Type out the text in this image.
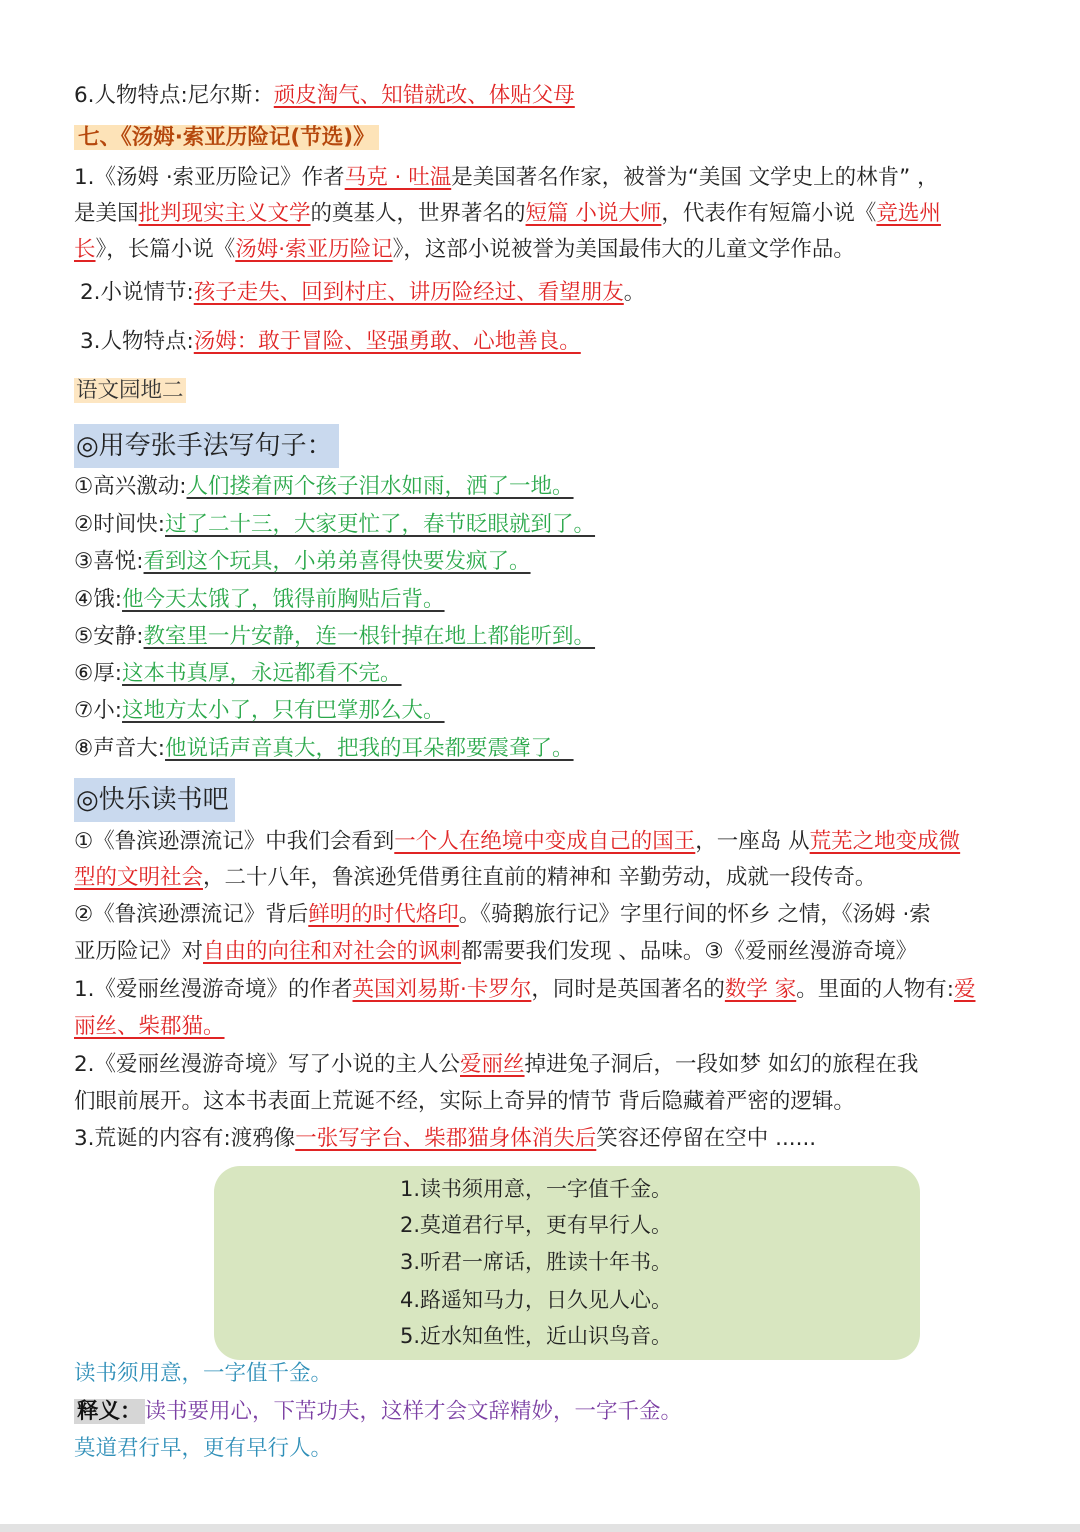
6.人物特点:尼尔斯：顽皮淘气、知错就改、体贴父母
七、《汤姆·索亚历险记(节选)》
1.《汤姆 ·索亚历险记》作者马克 · 吐温是美国著名作家，被誉为“美国 文学史上的林肯” ，
是美国批判现实主义文学的奠基人，世界著名的短篇 小说大师，代表作有短篇小说《竞选州
长》，长篇小说《汤姆·索亚历险记》，这部小说被誉为美国最伟大的儿童文学作品。
2.小说情节:孩子走失、回到村庄、讲历险经过、看望朋友。
3.人物特点:汤姆：敢于冒险、坚强勇敢、心地善良。
语文园地二
◎用夸张手法写句子：
①高兴激动:人们搂着两个孩子泪水如雨，洒了一地。
②时间快:过了二十三，大家更忙了，春节眨眼就到了。
③喜悦:看到这个玩具，小弟弟喜得快要发疯了。
④饿:他今天太饿了，饿得前胸贴后背。
⑤安静:教室里一片安静，连一根针掉在地上都能听到。
⑥厚:这本书真厚，永远都看不完。
⑦小:这地方太小了，只有巴掌那么大。
⑧声音大:他说话声音真大，把我的耳朵都要震聋了。
◎快乐读书吧
①《鲁滨逊漂流记》中我们会看到一个人在绝境中变成自己的国王，一座岛 从荒芜之地变成微
型的文明社会，二十八年，鲁滨逊凭借勇往直前的精神和 辛勤劳动，成就一段传奇。
②《鲁滨逊漂流记》背后鲜明的时代烙印。《骑鹅旅行记》字里行间的怀乡 之情，《汤姆 ·索
亚历险记》对自由的向往和对社会的讽刺都需要我们发现 、品味。③《爱丽丝漫游奇境》
1.《爱丽丝漫游奇境》的作者英国刘易斯·卡罗尔，同时是英国著名的数学 家。里面的人物有:爱
丽丝、柴郡猫。
2.《爱丽丝漫游奇境》写了小说的主人公爱丽丝掉进兔子洞后，一段如梦 如幻的旅程在我
们眼前展开。这本书表面上荒诞不经，实际上奇异的情节 背后隐藏着严密的逻辑。
3.荒诞的内容有:渡鸦像一张写字台、柴郡猫身体消失后笑容还停留在空中 ......
1.读书须用意，一字值千金。
2.莫道君行早，更有早行人。
3.听君一席话，胜读十年书。
4.路遥知马力，日久见人心。
5.近水知鱼性，近山识鸟音。
读书须用意，一字值千金。
释义： 读书要用心，下苦功夫，这样才会文辞精妙，一字千金。
莫道君行早，更有早行人。
